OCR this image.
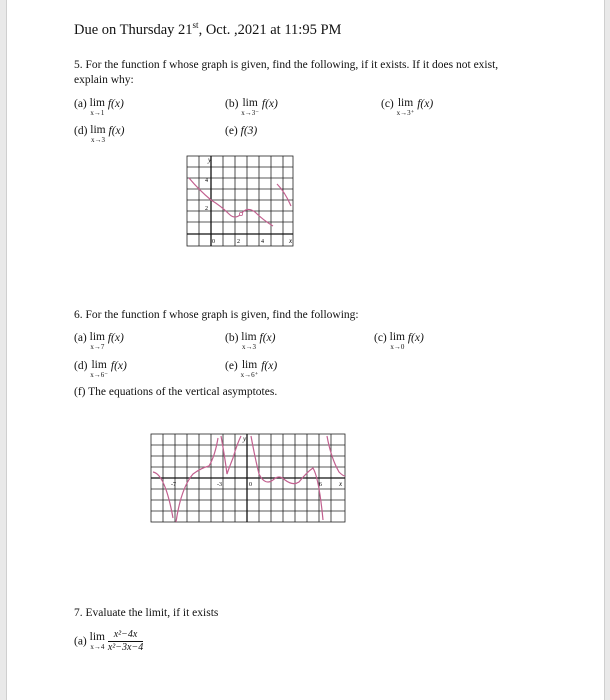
Due on Thursday 21st, Oct. ,2021 at 11:95 PM
5. For the function f whose graph is given, find the following, if it exists. If it does not exist,
explain why:
(a) lim
x→1
f(x)	(b) lim
x→3⁻
f(x)	(c) lim
x→3⁺
f(x)
(d) lim
x→3
f(x)	(e) f(3)
y
x
4
2
0	2	4
6. For the function f whose graph is given, find the following:
(a) lim
x→7
f(x)	(b) lim
x→3
f(x)	(c) lim
x→0
f(x)
(d) lim
x→6⁻
f(x)	(e) lim
x→6⁺
f(x)
(f) The equations of the vertical asymptotes.
y
x
-7	-3	0	6
7. Evaluate the limit, if it exists
(a) lim
x→4
$\frac{\text{x²−4x}}{\text{x²−3x−4}}$
